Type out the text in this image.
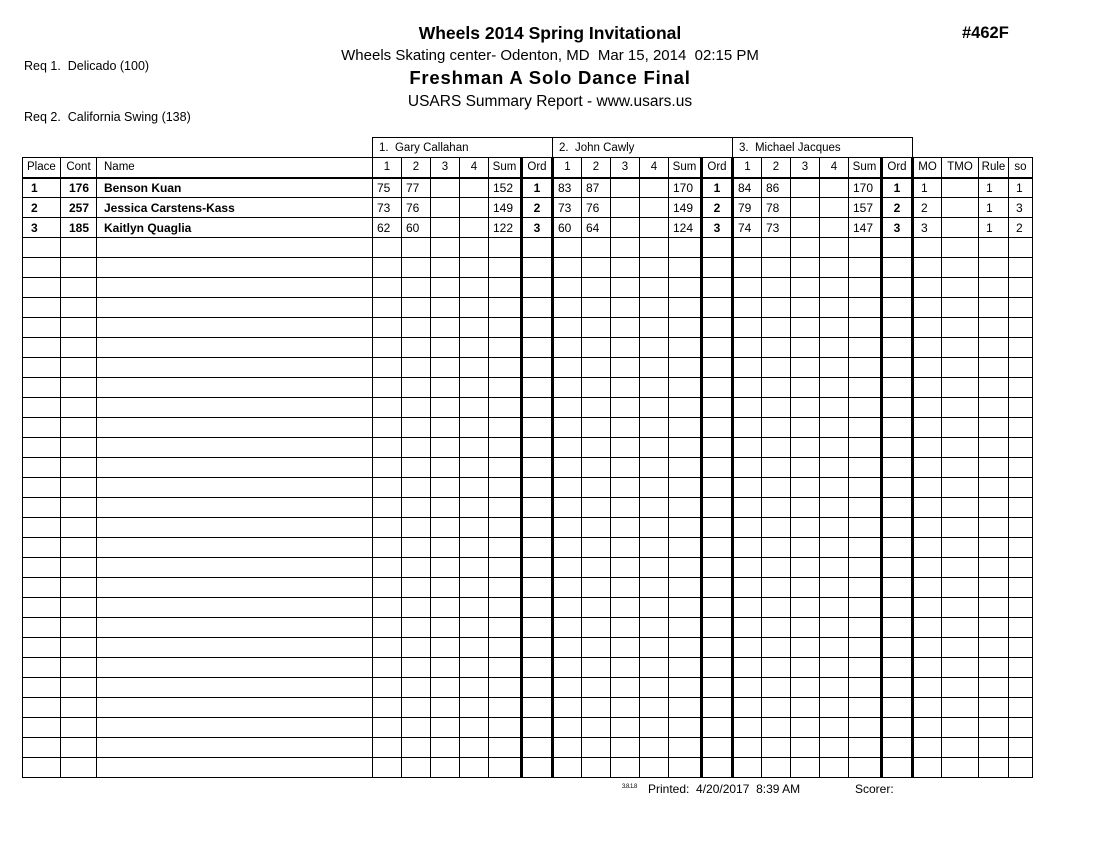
Req 1.  Delicado (100)

Req 2.  California Swing (138)

Wheels 2014 Spring Invitational
Wheels Skating center- Odenton, MD  Mar 15, 2014  02:15 PM
Freshman A Solo Dance Final
USARS Summary Report - www.usars.us
#462F
			1.  Gary Callahan						2.  John Cawly						3.  Michael Jacques									
Place	Cont	Name	1	2	3	4	Sum	Ord	1	2	3	4	Sum	Ord	1	2	3	4	Sum	Ord	MO	TMO	Rule	so
1	176	Benson Kuan	75	77			152	1	83	87			170	1	84	86			170	1	1		1	1
2	257	Jessica Carstens-Kass	73	76			149	2	73	76			149	2	79	78			157	2	2		1	3
3	185	Kaitlyn Quaglia	62	60			122	3	60	64			124	3	74	73			147	3	3		1	2

3.8.1.8 Printed:  4/20/2017  8:39 AM	Scorer:
